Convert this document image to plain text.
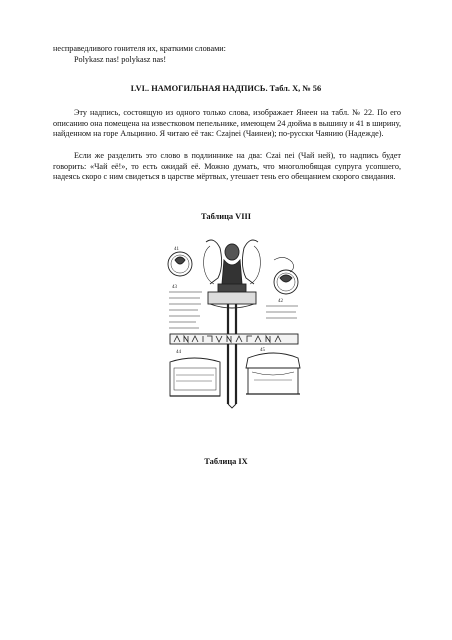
несправедливого гонителя их, краткими словами:

Polykasz nas! polykasz nas!

LVI.. НАМОГИЛЬНАЯ НАДПИСЬ. Табл. X, № 56

Эту надпись, состоящую из одного только слова, изображает Янеен на табл. № 22. По его описанию она помещена на известковом пепельнике, имеющем 24 дюйма в вышину и 41 в ширину, найденном на горе Альцинио. Я читаю её так: Czajnei (Чаинеи); по-русски Чаянию (Надежде).

Если же разделить это слово в подлиннике на два: Czai nei (Чай ней), то надпись будет говорить: «Чай её!», то есть ожидай её. Можно думать, что многолюбящая супруга усопшего, надеясь скоро с ним свидеться в царстве мёртвых, утешает тень его обещанием скорого свидания.

Таблица VIII

41
42
44	45
43

Таблица IX
